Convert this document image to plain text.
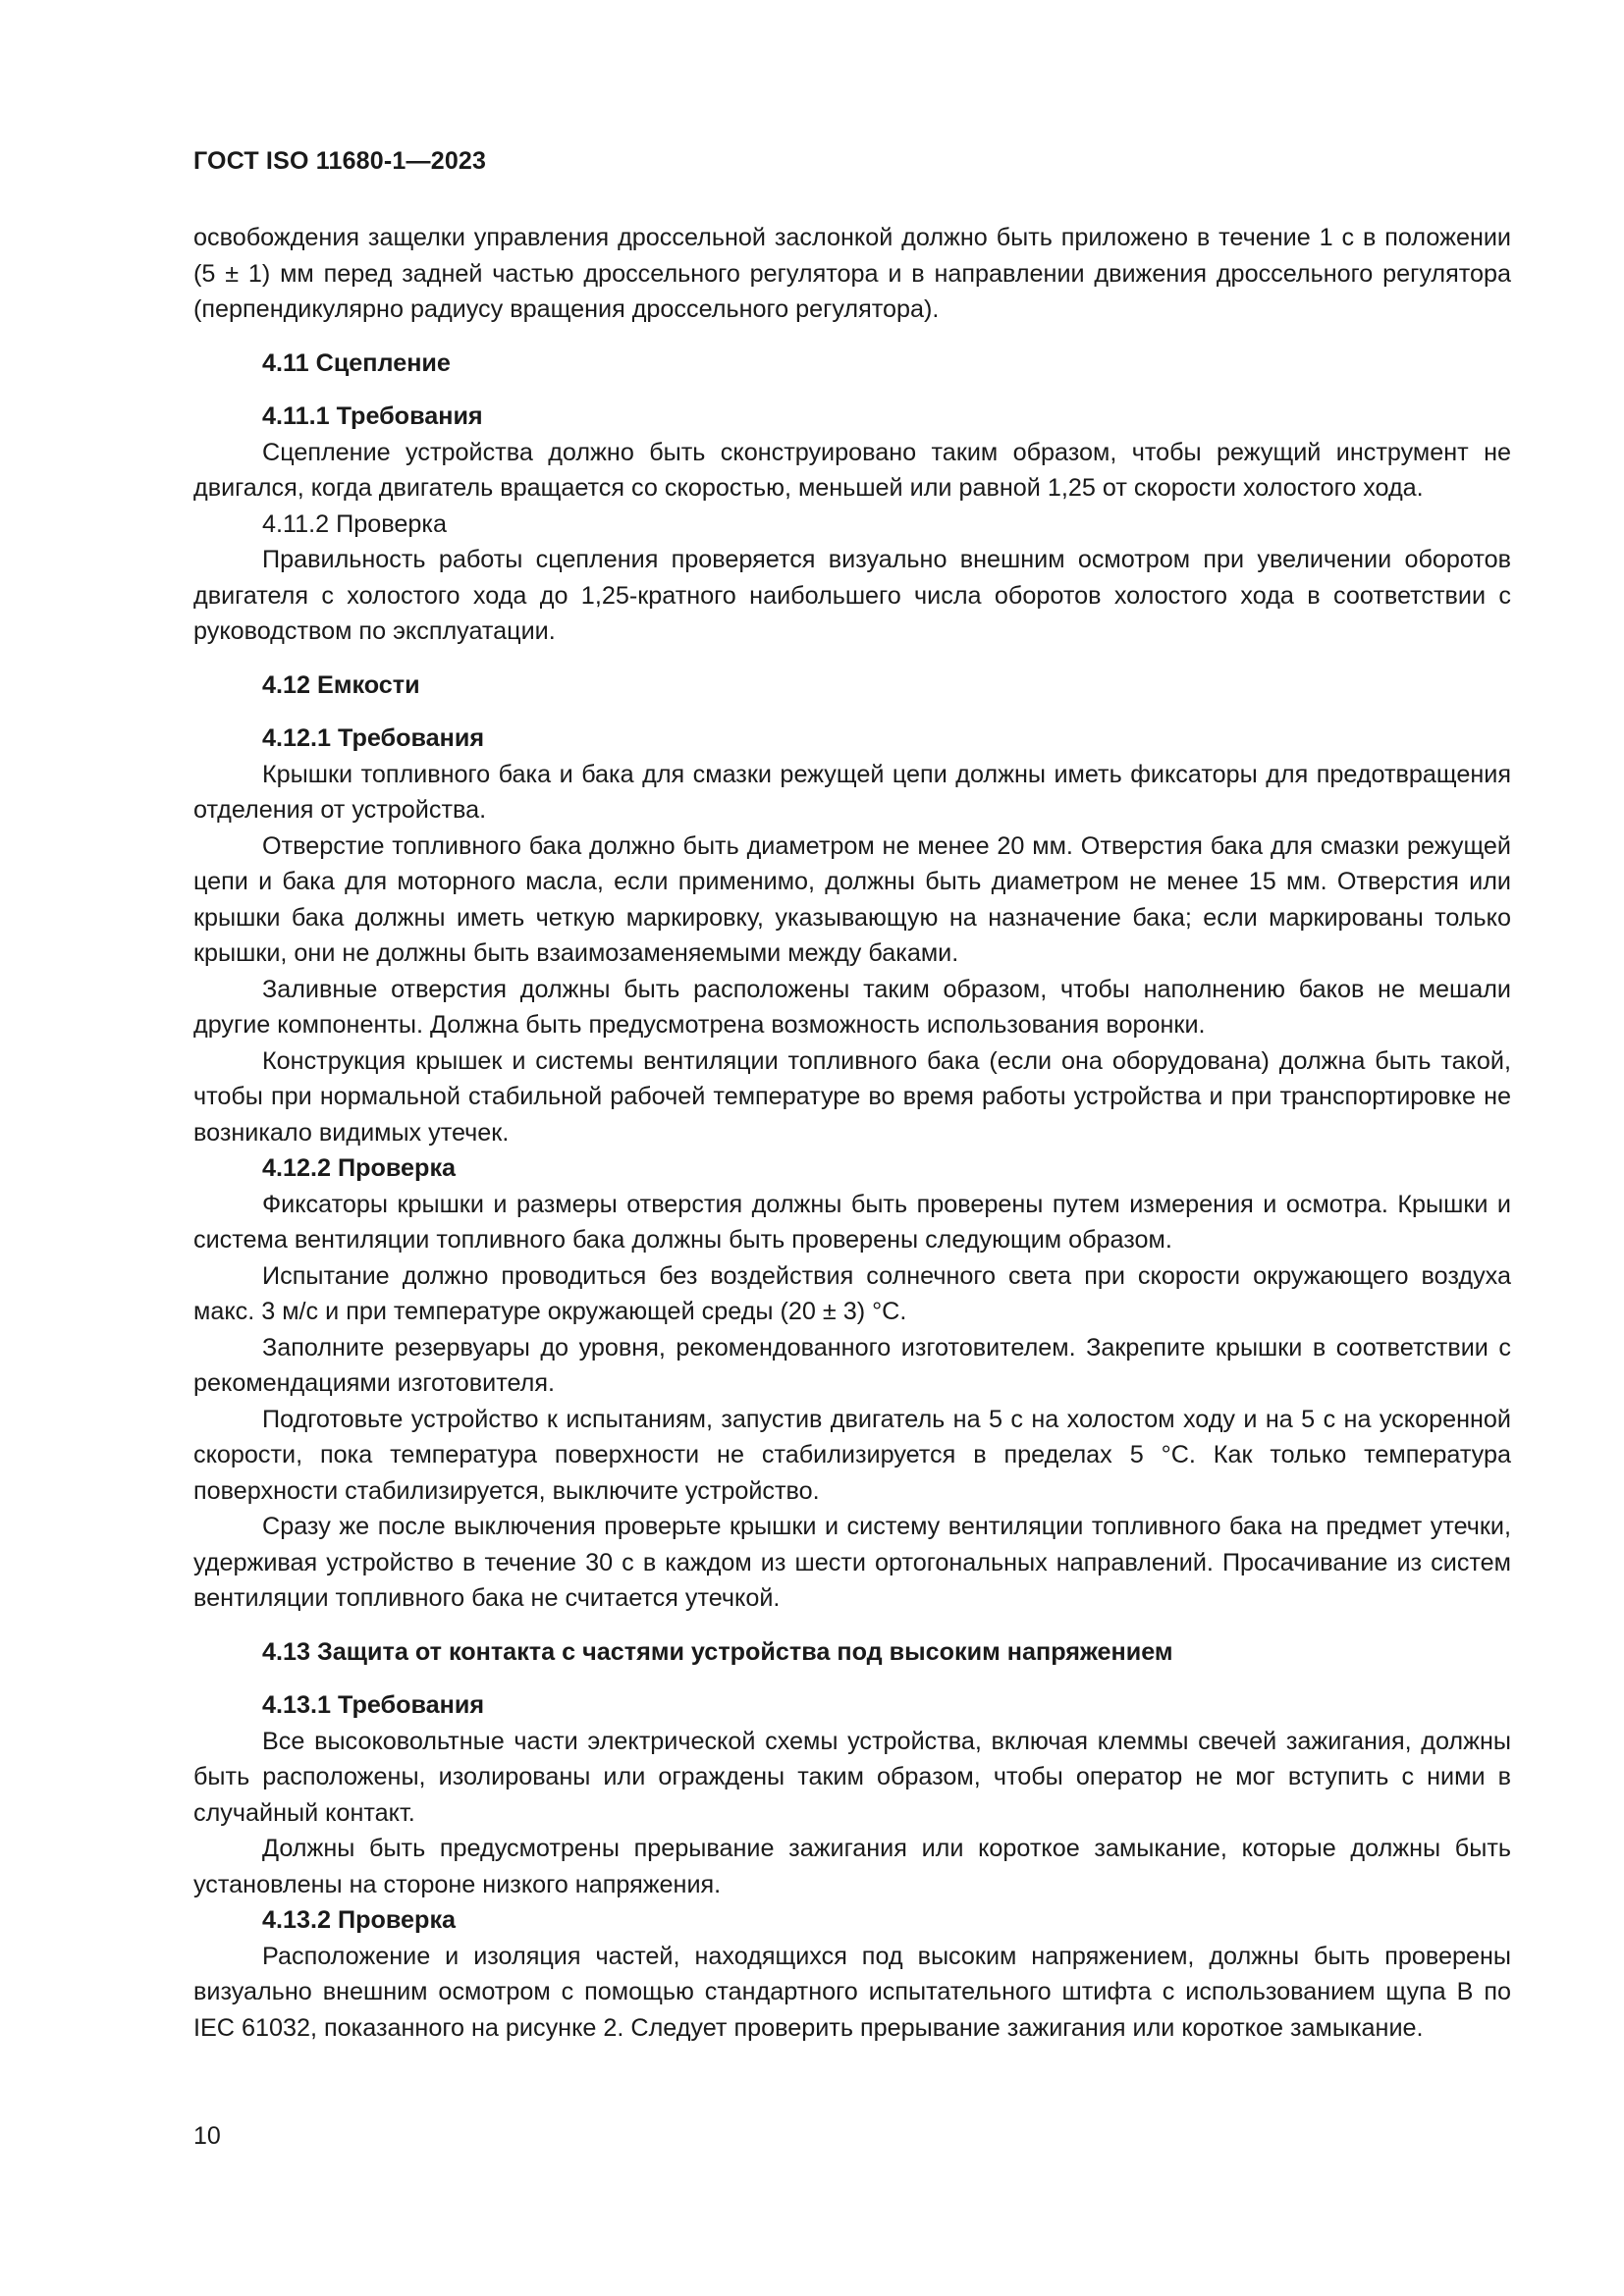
ГОСТ ISO 11680-1—2023

освобождения защелки управления дроссельной заслонкой должно быть приложено в течение 1 с в положении (5 ± 1) мм перед задней частью дроссельного регулятора и в направлении движения дроссельного регулятора (перпендикулярно радиусу вращения дроссельного регулятора).

4.11 Сцепление
4.11.1 Требования

Сцепление устройства должно быть сконструировано таким образом, чтобы режущий инструмент не двигался, когда двигатель вращается со скоростью, меньшей или равной 1,25 от скорости холостого хода.

4.11.2 Проверка

Правильность работы сцепления проверяется визуально внешним осмотром при увеличении оборотов двигателя с холостого хода до 1,25-кратного наибольшего числа оборотов холостого хода в соответствии с руководством по эксплуатации.

4.12 Емкости
4.12.1 Требования

Крышки топливного бака и бака для смазки режущей цепи должны иметь фиксаторы для предотвращения отделения от устройства.

Отверстие топливного бака должно быть диаметром не менее 20 мм. Отверстия бака для смазки режущей цепи и бака для моторного масла, если применимо, должны быть диаметром не менее 15 мм. Отверстия или крышки бака должны иметь четкую маркировку, указывающую на назначение бака; если маркированы только крышки, они не должны быть взаимозаменяемыми между баками.

Заливные отверстия должны быть расположены таким образом, чтобы наполнению баков не мешали другие компоненты. Должна быть предусмотрена возможность использования воронки.

Конструкция крышек и системы вентиляции топливного бака (если она оборудована) должна быть такой, чтобы при нормальной стабильной рабочей температуре во время работы устройства и при транспортировке не возникало видимых утечек.

4.12.2 Проверка

Фиксаторы крышки и размеры отверстия должны быть проверены путем измерения и осмотра. Крышки и система вентиляции топливного бака должны быть проверены следующим образом.

Испытание должно проводиться без воздействия солнечного света при скорости окружающего воздуха макс. 3 м/с и при температуре окружающей среды (20 ± 3) °С.

Заполните резервуары до уровня, рекомендованного изготовителем. Закрепите крышки в соответствии с рекомендациями изготовителя.

Подготовьте устройство к испытаниям, запустив двигатель на 5 с на холостом ходу и на 5 с на ускоренной скорости, пока температура поверхности не стабилизируется в пределах 5 °С. Как только температура поверхности стабилизируется, выключите устройство.

Сразу же после выключения проверьте крышки и систему вентиляции топливного бака на предмет утечки, удерживая устройство в течение 30 с в каждом из шести ортогональных направлений. Просачивание из систем вентиляции топливного бака не считается утечкой.

4.13 Защита от контакта с частями устройства под высоким напряжением
4.13.1 Требования

Все высоковольтные части электрической схемы устройства, включая клеммы свечей зажигания, должны быть расположены, изолированы или ограждены таким образом, чтобы оператор не мог вступить с ними в случайный контакт.

Должны быть предусмотрены прерывание зажигания или короткое замыкание, которые должны быть установлены на стороне низкого напряжения.

4.13.2 Проверка

Расположение и изоляция частей, находящихся под высоким напряжением, должны быть проверены визуально внешним осмотром с помощью стандартного испытательного штифта с использованием щупа B по IEC 61032, показанного на рисунке 2. Следует проверить прерывание зажигания или короткое замыкание.

10
